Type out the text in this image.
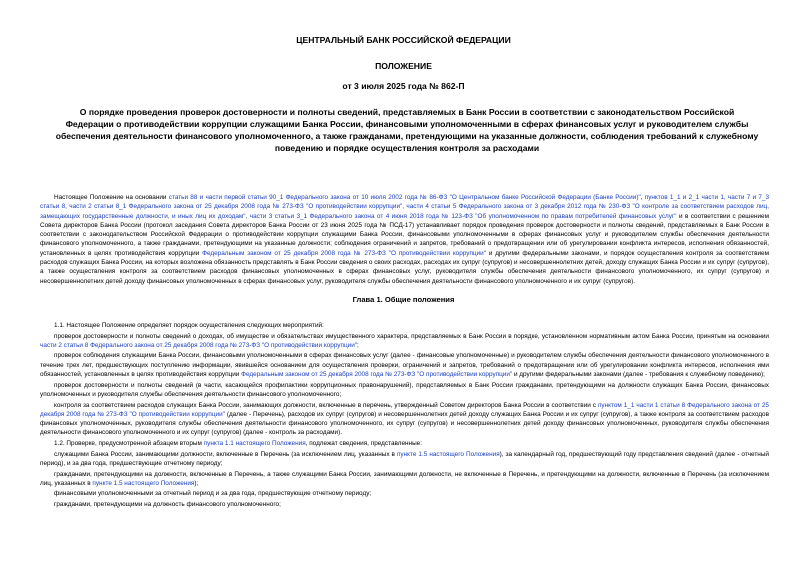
ЦЕНТРАЛЬНЫЙ БАНК РОССИЙСКОЙ ФЕДЕРАЦИИ
ПОЛОЖЕНИЕ
от 3 июля 2025 года № 862-П
О порядке проведения проверок достоверности и полноты сведений, представляемых в Банк России в соответствии с законодательством Российской Федерации о противодействии коррупции служащими Банка России, финансовыми уполномоченными в сферах финансовых услуг и руководителем службы обеспечения деятельности финансового уполномоченного, а также гражданами, претендующими на указанные должности, соблюдения требований к служебному поведению и порядке осуществления контроля за расходами

Настоящее Положение на основании статьи 88 и части первой статьи 90_1 Федерального закона от 10 июля 2002 года № 86-ФЗ "О Центральном банке Российской Федерации (Банке России)", пунктов 1_1 и 2_1 части 1, части 7 и 7_3 статьи 8, части 2 статьи 8_1 Федерального закона от 25 декабря 2008 года № 273-ФЗ "О противодействии коррупции", части 4 статьи 5 Федерального закона от 3 декабря 2012 года № 230-ФЗ "О контроле за соответствием расходов лиц, замещающих государственные должности, и иных лиц их доходам", части 3 статьи 3_1 Федерального закона от 4 июня 2018 года № 123-ФЗ "Об уполномоченном по правам потребителей финансовых услуг" и в соответствии с решением Совета директоров Банка России (протокол заседания Совета директоров Банка России от 23 июня 2025 года № ПСД-17) устанавливает порядок проведения проверок достоверности и полноты сведений, представляемых в Банк России в соответствии с законодательством Российской Федерации о противодействии коррупции служащими Банка России, финансовыми уполномоченными в сферах финансовых услуг и руководителем службы обеспечения деятельности финансового уполномоченного, а также гражданами, претендующими на указанные должности; соблюдения ограничений и запретов, требований о предотвращении или об урегулировании конфликта интересов, исполнения обязанностей, установленных в целях противодействия коррупции Федеральным законом от 25 декабря 2008 года № 273-ФЗ "О противодействии коррупции" и другими федеральными законами, и порядок осуществления контроля за соответствием расходов служащих Банка России, на которых возложена обязанность представлять в Банк России сведения о своих расходах, расходах их супруг (супругов) и несовершеннолетних детей, доходу служащих Банка России и их супруг (супругов), а также осуществления контроля за соответствием расходов финансовых уполномоченных в сферах финансовых услуг, руководителя службы обеспечения деятельности финансового уполномоченного, их супруг (супругов) и несовершеннолетних детей доходу финансовых уполномоченных в сферах финансовых услуг, руководителя службы обеспечения деятельности финансового уполномоченного и их супруг (супругов).

Глава 1. Общие положения

1.1. Настоящее Положение определяет порядок осуществления следующих мероприятий:

проверок достоверности и полноты сведений о доходах, об имуществе и обязательствах имущественного характера, представляемых в Банк России в порядке, установленном нормативным актом Банка России, принятым на основании части 2 статьи 8 Федерального закона от 25 декабря 2008 года № 273-ФЗ "О противодействии коррупции";

проверок соблюдения служащими Банка России, финансовыми уполномоченными в сферах финансовых услуг (далее - финансовые уполномоченные) и руководителем службы обеспечения деятельности финансового уполномоченного в течение трех лет, предшествующих поступлению информации, явившейся основанием для осуществления проверки, ограничений и запретов, требований о предотвращении или об урегулировании конфликта интересов, исполнения ими обязанностей, установленных в целях противодействия коррупции Федеральным законом от 25 декабря 2008 года № 273-ФЗ "О противодействии коррупции" и другими федеральными законами (далее - требования к служебному поведению);

проверок достоверности и полноты сведений (в части, касающейся профилактики коррупционных правонарушений), представляемых в Банк России гражданами, претендующими на должности служащих Банка России, финансовых уполномоченных и руководителя службы обеспечения деятельности финансового уполномоченного;

контроля за соответствием расходов служащих Банка России, занимающих должности, включенные в перечень, утвержденный Советом директоров Банка России в соответствии с пунктом 1_1 части 1 статьи 8 Федерального закона от 25 декабря 2008 года № 273-ФЗ "О противодействии коррупции" (далее - Перечень), расходов их супруг (супругов) и несовершеннолетних детей доходу служащих Банка России и их супруг (супругов), а также контроля за соответствием расходов финансовых уполномоченных, руководителя службы обеспечения деятельности финансового уполномоченного, их супруг (супругов) и несовершеннолетних детей доходу финансовых уполномоченных, руководителя службы обеспечения деятельности финансового уполномоченного и их супруг (супругов) (далее - контроль за расходами).

1.2. Проверке, предусмотренной абзацем вторым пункта 1.1 настоящего Положения, подлежат сведения, представленные:

служащими Банка России, занимающими должности, включенные в Перечень (за исключением лиц, указанных в пункте 1.5 настоящего Положения), за календарный год, предшествующий году представления сведений (далее - отчетный период), и за два года, предшествующие отчетному периоду;

гражданами, претендующими на должности, включенные в Перечень, а также служащими Банка России, занимающими должности, не включенные в Перечень, и претендующими на должности, включенные в Перечень (за исключением лиц, указанных в пункте 1.5 настоящего Положения);

финансовыми уполномоченными за отчетный период и за два года, предшествующие отчетному периоду;

гражданами, претендующими на должность финансового уполномоченного;
